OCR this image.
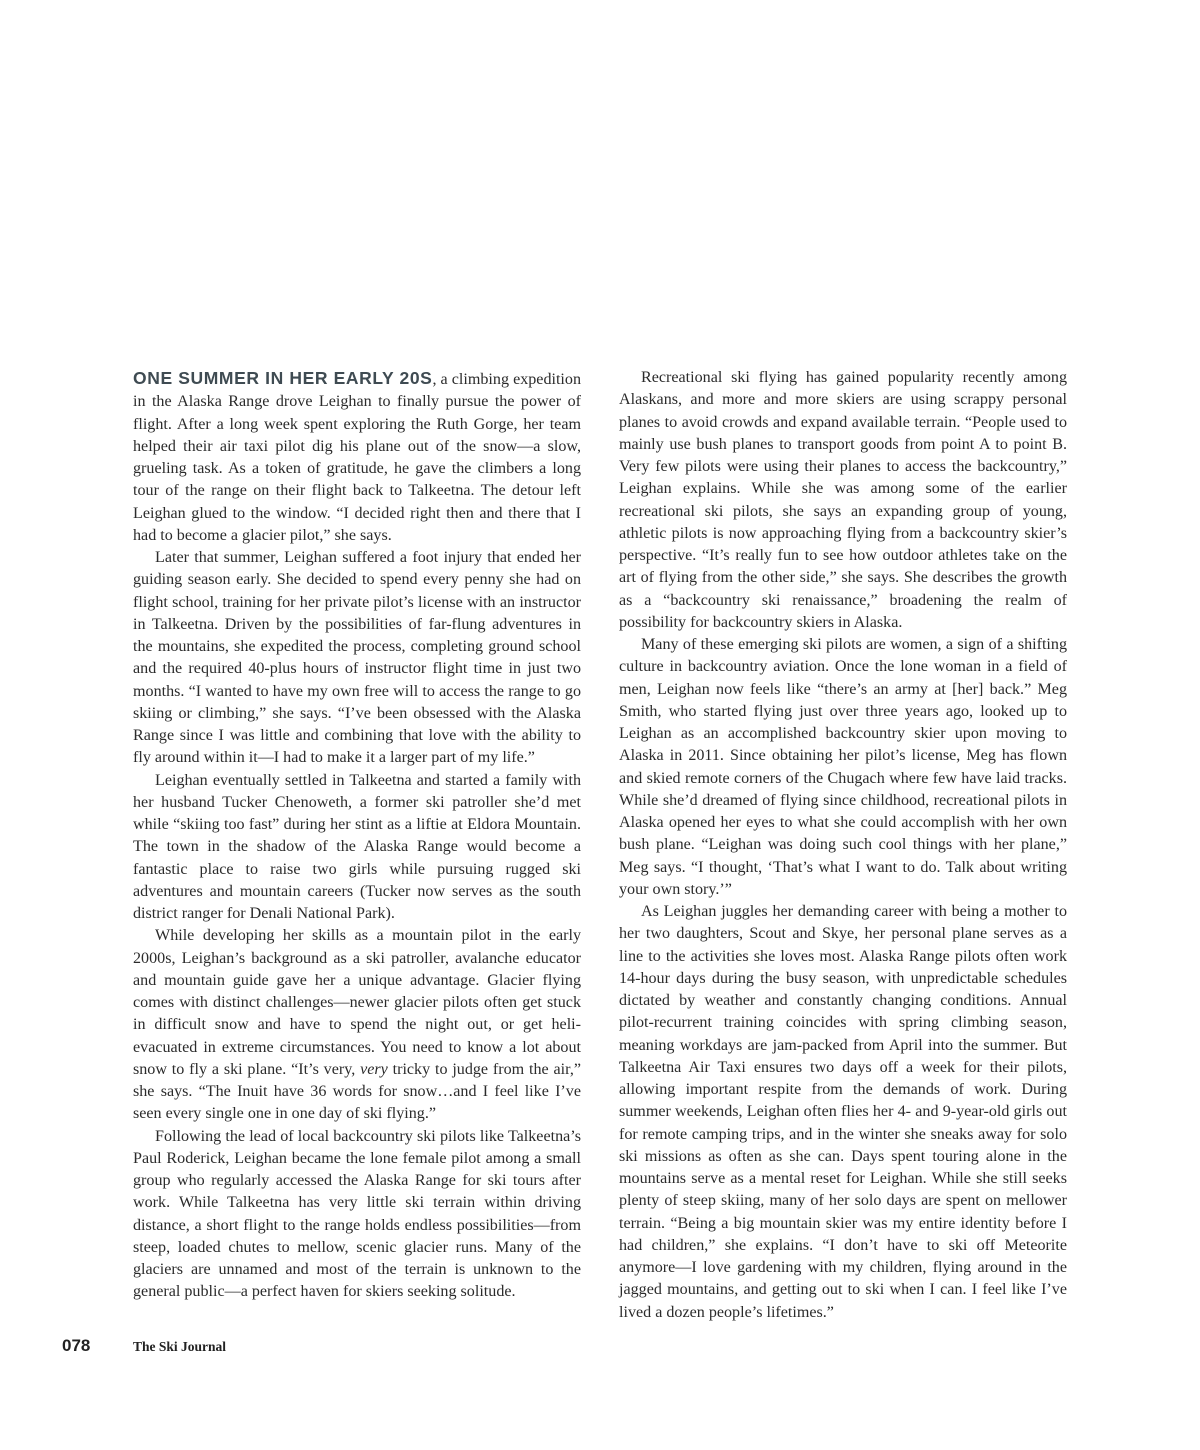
ONE SUMMER IN HER EARLY 20S, a climbing expedition in the Alaska Range drove Leighan to finally pursue the power of flight. After a long week spent exploring the Ruth Gorge, her team helped their air taxi pilot dig his plane out of the snow—a slow, grueling task. As a token of gratitude, he gave the climbers a long tour of the range on their flight back to Talkeetna. The detour left Leighan glued to the window. “I decided right then and there that I had to become a glacier pilot,” she says.

Later that summer, Leighan suffered a foot injury that ended her guiding season early. She decided to spend every penny she had on flight school, training for her private pilot’s license with an instructor in Talkeetna. Driven by the possibilities of far-flung adventures in the mountains, she expedited the process, completing ground school and the required 40-plus hours of instructor flight time in just two months. “I wanted to have my own free will to access the range to go skiing or climbing,” she says. “I’ve been obsessed with the Alaska Range since I was little and combining that love with the ability to fly around within it—I had to make it a larger part of my life.”

Leighan eventually settled in Talkeetna and started a family with her husband Tucker Chenoweth, a former ski patroller she’d met while “skiing too fast” during her stint as a liftie at Eldora Mountain. The town in the shadow of the Alaska Range would become a fantastic place to raise two girls while pursuing rugged ski adventures and mountain careers (Tucker now serves as the south district ranger for Denali National Park).

While developing her skills as a mountain pilot in the early 2000s, Leighan’s background as a ski patroller, avalanche educator and mountain guide gave her a unique advantage. Glacier flying comes with distinct challenges—newer glacier pilots often get stuck in difficult snow and have to spend the night out, or get heli-evacuated in extreme circumstances. You need to know a lot about snow to fly a ski plane. “It’s very, very tricky to judge from the air,” she says. “The Inuit have 36 words for snow…and I feel like I’ve seen every single one in one day of ski flying.”

Following the lead of local backcountry ski pilots like Talkeetna’s Paul Roderick, Leighan became the lone female pilot among a small group who regularly accessed the Alaska Range for ski tours after work. While Talkeetna has very little ski terrain within driving distance, a short flight to the range holds endless possibilities—from steep, loaded chutes to mellow, scenic glacier runs. Many of the glaciers are unnamed and most of the terrain is unknown to the general public—a perfect haven for skiers seeking solitude.

Recreational ski flying has gained popularity recently among Alaskans, and more and more skiers are using scrappy personal planes to avoid crowds and expand available terrain. “People used to mainly use bush planes to transport goods from point A to point B. Very few pilots were using their planes to access the backcountry,” Leighan explains. While she was among some of the earlier recreational ski pilots, she says an expanding group of young, athletic pilots is now approaching flying from a backcountry skier’s perspective. “It’s really fun to see how outdoor athletes take on the art of flying from the other side,” she says. She describes the growth as a “backcountry ski renaissance,” broadening the realm of possibility for backcountry skiers in Alaska.

Many of these emerging ski pilots are women, a sign of a shifting culture in backcountry aviation. Once the lone woman in a field of men, Leighan now feels like “there’s an army at [her] back.” Meg Smith, who started flying just over three years ago, looked up to Leighan as an accomplished backcountry skier upon moving to Alaska in 2011. Since obtaining her pilot’s license, Meg has flown and skied remote corners of the Chugach where few have laid tracks. While she’d dreamed of flying since childhood, recreational pilots in Alaska opened her eyes to what she could accomplish with her own bush plane. “Leighan was doing such cool things with her plane,” Meg says. “I thought, ‘That’s what I want to do. Talk about writing your own story.’”

As Leighan juggles her demanding career with being a mother to her two daughters, Scout and Skye, her personal plane serves as a line to the activities she loves most. Alaska Range pilots often work 14-hour days during the busy season, with unpredictable schedules dictated by weather and constantly changing conditions. Annual pilot-recurrent training coincides with spring climbing season, meaning workdays are jam-packed from April into the summer. But Talkeetna Air Taxi ensures two days off a week for their pilots, allowing important respite from the demands of work. During summer weekends, Leighan often flies her 4- and 9-year-old girls out for remote camping trips, and in the winter she sneaks away for solo ski missions as often as she can. Days spent touring alone in the mountains serve as a mental reset for Leighan. While she still seeks plenty of steep skiing, many of her solo days are spent on mellower terrain. “Being a big mountain skier was my entire identity before I had children,” she explains. “I don’t have to ski off Meteorite anymore—I love gardening with my children, flying around in the jagged mountains, and getting out to ski when I can. I feel like I’ve lived a dozen people’s lifetimes.”

078	The Ski Journal
